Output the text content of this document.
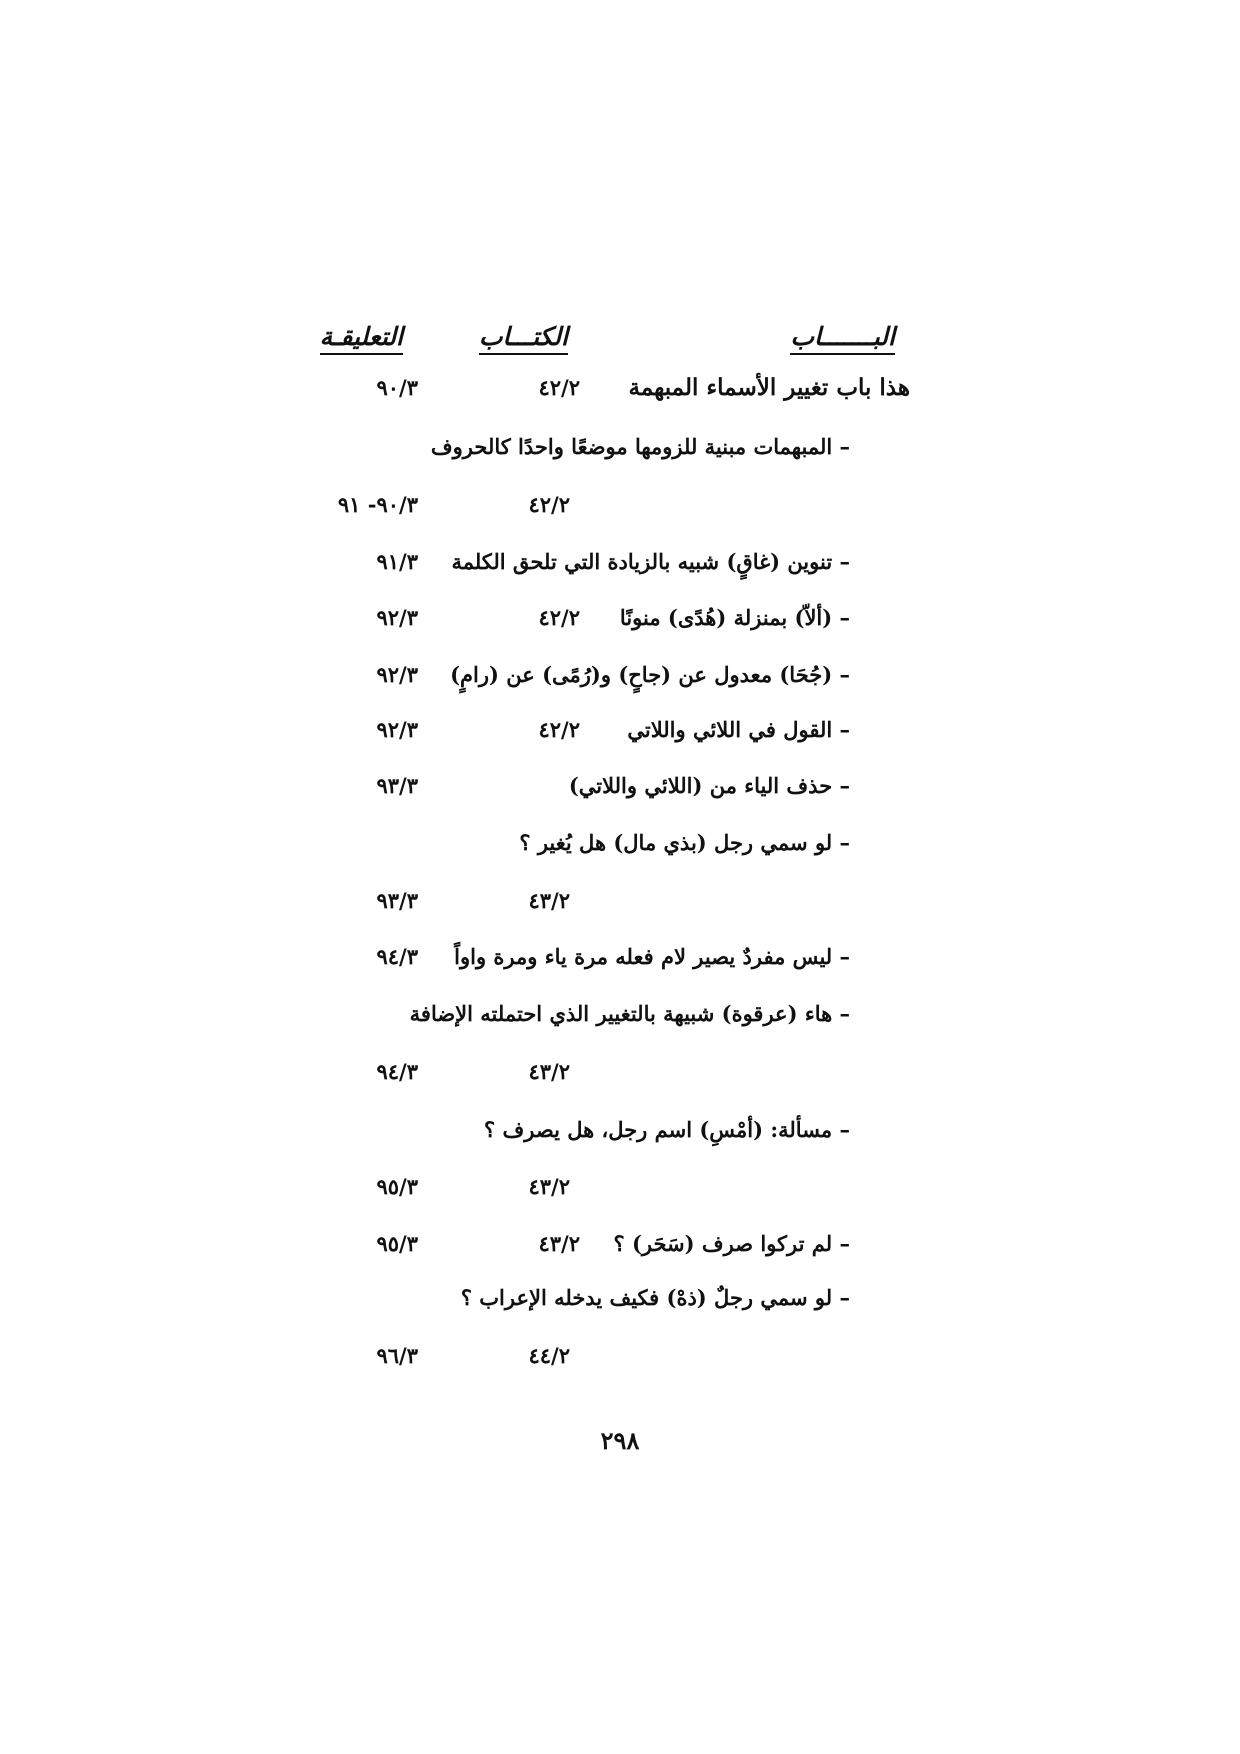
البـــــــاب
الكتـــاب
التعليقـة
هذا باب تغيير الأسماء المبهمة
٤٢/٢
٩٠/٣
– المبهمات مبنية للزومها موضعًا واحدًا كالحروف
٤٢/٢
٩٠/٣- ٩١
– تنوين (غاقٍ) شبيه بالزيادة التي تلحق الكلمة
٩١/٣
– (ألاّ) بمنزلة (هُدًى) منونًا
٤٢/٢
٩٢/٣
– (جُحَا) معدول عن (جاحٍ) و(رُمًى) عن (رامٍ)
٩٢/٣
– القول في اللائي واللاتي
٤٢/٢
٩٢/٣
– حذف الياء من (اللائي واللاتي)
٩٣/٣
– لو سمي رجل (بذي مال) هل يُغير ؟
٤٣/٢
٩٣/٣
– ليس مفردٌ يصير لام فعله مرة ياء ومرة واواً
٩٤/٣
– هاء (عرقوة) شبيهة بالتغيير الذي احتملته الإضافة
٤٣/٢
٩٤/٣
– مسألة: (أمْسِ) اسم رجل، هل يصرف ؟
٤٣/٢
٩٥/٣
– لم تركوا صرف (سَحَر) ؟
٤٣/٢
٩٥/٣
– لو سمي رجلٌ (ذهْ) فكيف يدخله الإعراب ؟
٤٤/٢
٩٦/٣
٢٩٨
